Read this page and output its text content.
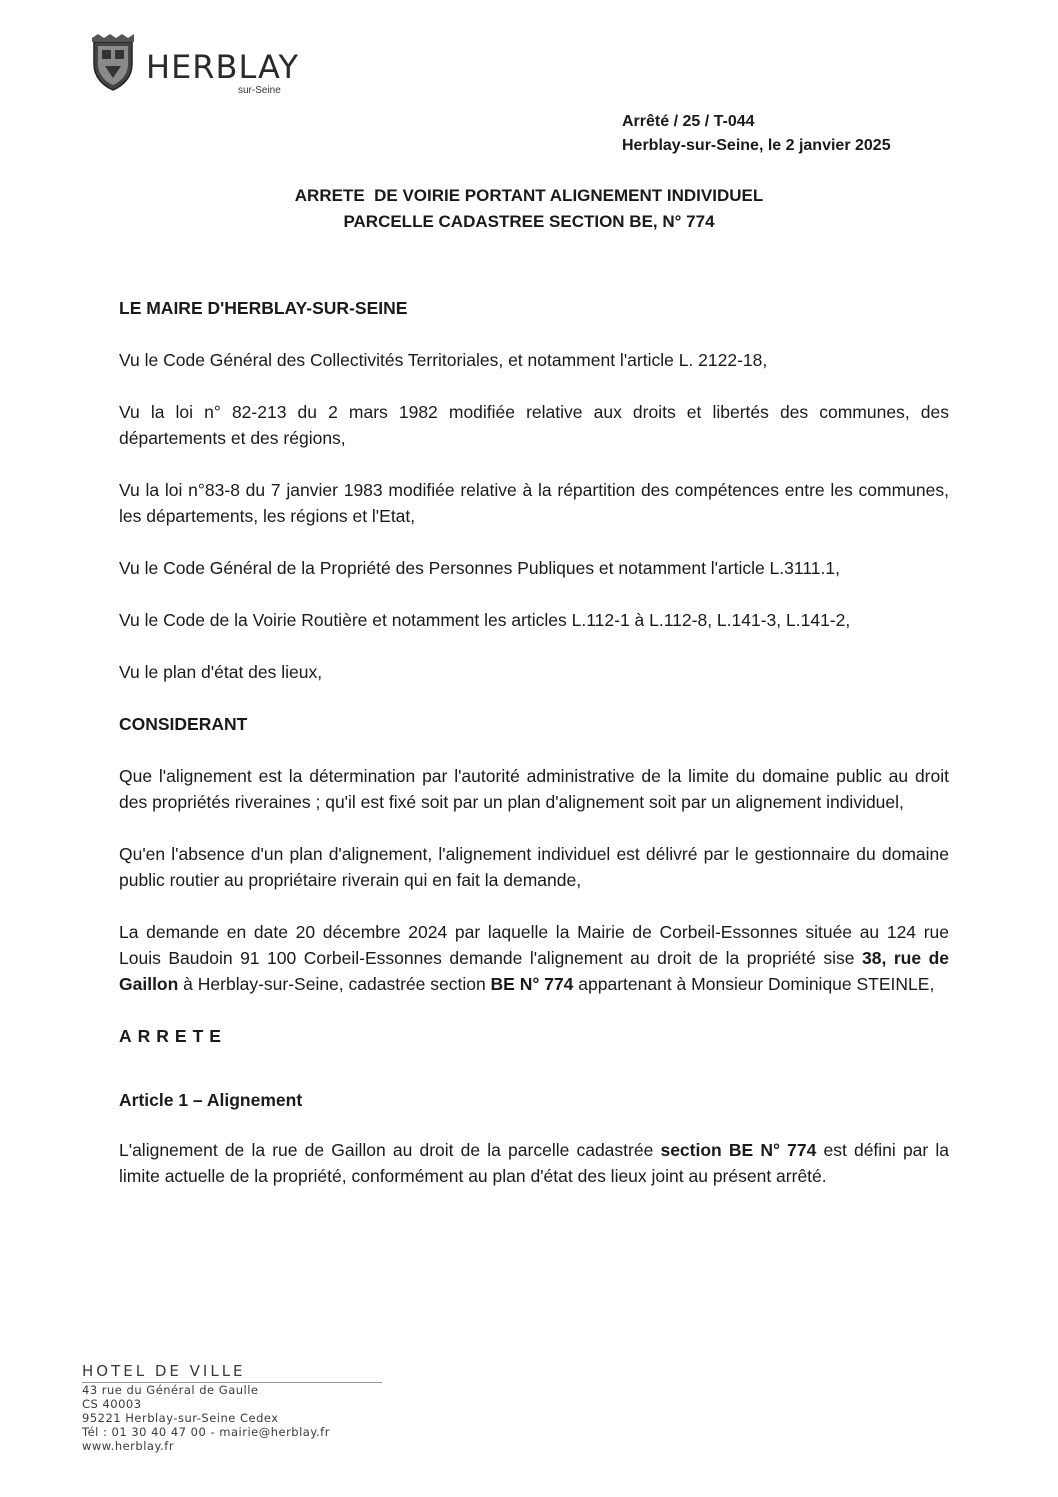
HERBLAY
sur-Seine
Arrêté / 25 / T-044
Herblay-sur-Seine, le 2 janvier 2025
ARRETE  DE VOIRIE PORTANT ALIGNEMENT INDIVIDUEL
PARCELLE CADASTREE SECTION BE, N° 774

LE MAIRE D'HERBLAY-SUR-SEINE

Vu le Code Général des Collectivités Territoriales, et notamment l'article L. 2122-18,

Vu la loi n° 82-213 du 2 mars 1982 modifiée relative aux droits et libertés des communes, des départements et des régions,

Vu la loi n°83-8 du 7 janvier 1983 modifiée relative à la répartition des compétences entre les communes, les départements, les régions et l'Etat,

Vu le Code Général de la Propriété des Personnes Publiques et notamment l'article L.3111.1,

Vu le Code de la Voirie Routière et notamment les articles L.112-1 à L.112-8, L.141-3, L.141-2,

Vu le plan d'état des lieux,

CONSIDERANT

Que l'alignement est la détermination par l'autorité administrative de la limite du domaine public au droit des propriétés riveraines ; qu'il est fixé soit par un plan d'alignement soit par un alignement individuel,

Qu'en l'absence d'un plan d'alignement, l'alignement individuel est délivré par le gestionnaire du domaine public routier au propriétaire riverain qui en fait la demande,

La demande en date 20 décembre 2024 par laquelle la Mairie de Corbeil-Essonnes située au 124 rue Louis Baudoin 91 100 Corbeil-Essonnes demande l'alignement au droit de la propriété sise 38, rue de Gaillon à Herblay-sur-Seine, cadastrée section BE N° 774 appartenant à Monsieur Dominique STEINLE,

ARRETE

Article 1 – Alignement

L'alignement de la rue de Gaillon au droit de la parcelle cadastrée section BE N° 774 est défini par la limite actuelle de la propriété, conformément au plan d'état des lieux joint au présent arrêté.

HOTEL DE VILLE
43 rue du Général de Gaulle
CS 40003
95221 Herblay-sur-Seine Cedex
Tél : 01 30 40 47 00 - mairie@herblay.fr
www.herblay.fr
